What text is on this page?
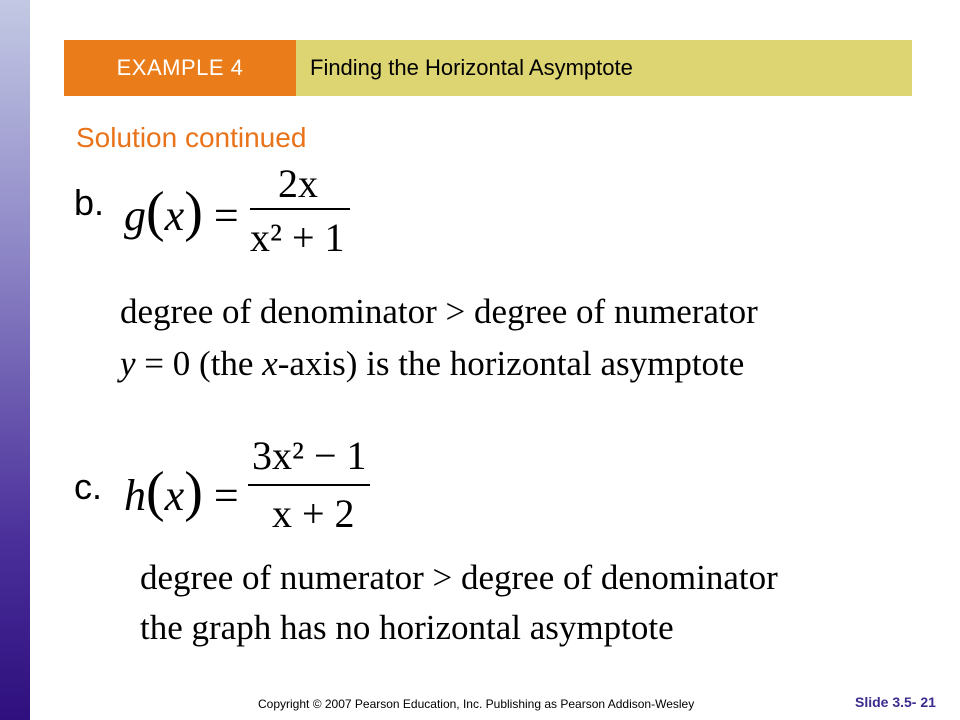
EXAMPLE 4	Finding the Horizontal Asymptote
Solution continued
b. g(x) =
2x
x² + 1
degree of denominator > degree of numerator
y = 0 (the x-axis) is the horizontal asymptote
c. h(x) =
3x² − 1
x + 2
degree of numerator > degree of denominator
the graph has no horizontal asymptote
Copyright © 2007 Pearson Education, Inc. Publishing as Pearson Addison-Wesley	Slide 3.5- 21
